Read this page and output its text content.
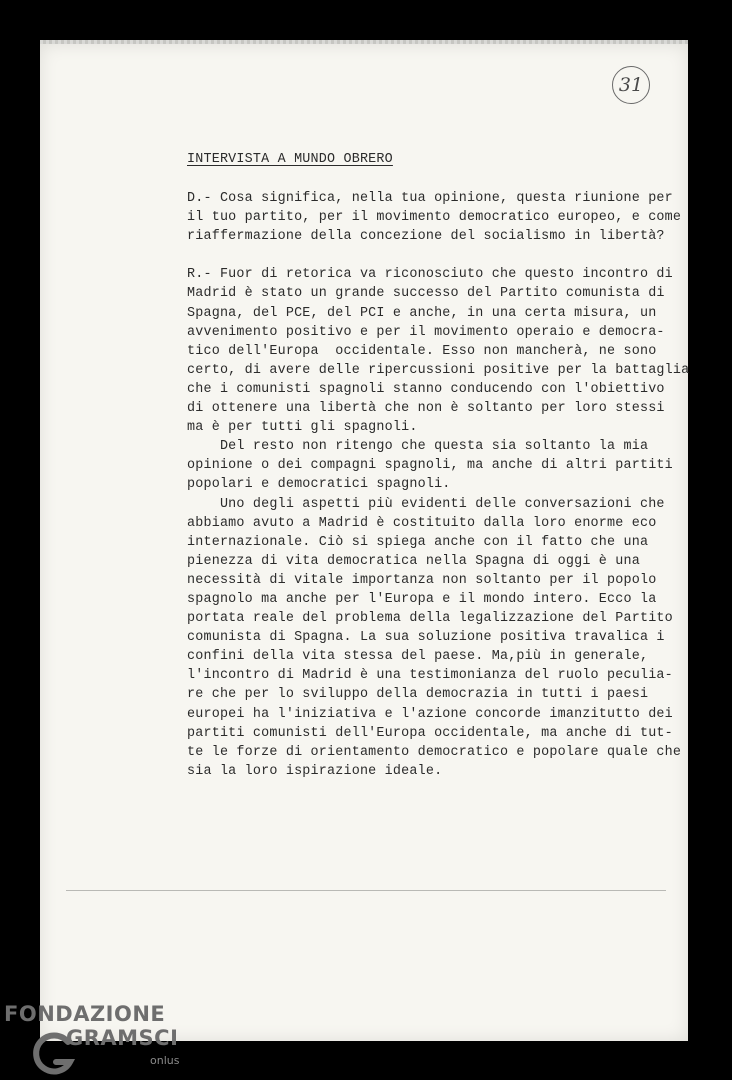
31

INTERVISTA A MUNDO OBRERO

D.- Cosa significa, nella tua opinione, questa riunione per

il tuo partito, per il movimento democratico europeo, e come

riaffermazione della concezione del socialismo in libertà?

R.- Fuor di retorica va riconosciuto che questo incontro di

Madrid è stato un grande successo del Partito comunista di

Spagna, del PCE, del PCI e anche, in una certa misura, un

avvenimento positivo e per il movimento operaio e democra-

tico dell'Europa  occidentale. Esso non mancherà, ne sono

certo, di avere delle ripercussioni positive per la battaglia

che i comunisti spagnoli stanno conducendo con l'obiettivo

di ottenere una libertà che non è soltanto per loro stessi

ma è per tutti gli spagnoli.

Del resto non ritengo che questa sia soltanto la mia

opinione o dei compagni spagnoli, ma anche di altri partiti

popolari e democratici spagnoli.

Uno degli aspetti più evidenti delle conversazioni che

abbiamo avuto a Madrid è costituito dalla loro enorme eco

internazionale. Ciò si spiega anche con il fatto che una

pienezza di vita democratica nella Spagna di oggi è una

necessità di vitale importanza non soltanto per il popolo

spagnolo ma anche per l'Europa e il mondo intero. Ecco la

portata reale del problema della legalizzazione del Partito

comunista di Spagna. La sua soluzione positiva travalica i

confini della vita stessa del paese. Ma,più in generale,

l'incontro di Madrid è una testimonianza del ruolo peculia-

re che per lo sviluppo della democrazia in tutti i paesi

europei ha l'iniziativa e l'azione concorde imanzitutto dei

partiti comunisti dell'Europa occidentale, ma anche di tut-

te le forze di orientamento democratico e popolare quale che

sia la loro ispirazione ideale.

FONDAZIONE
GRAMSCI
onlus
